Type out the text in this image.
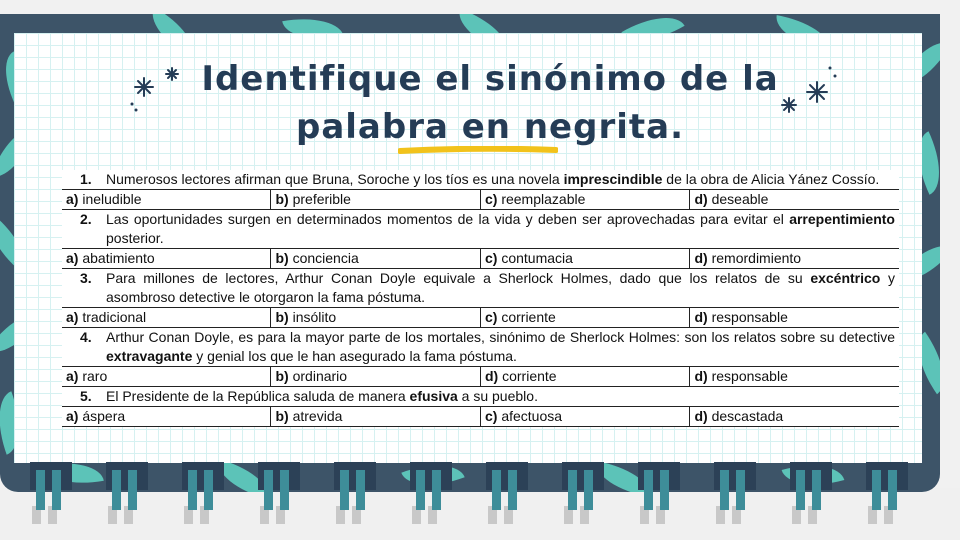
Identifique el sinónimo de la
palabra en negrita.
1. Numerosos lectores afirman que Bruna, Soroche y los tíos es una novela imprescindible de la obra de Alicia Yánez Cossío.			

a) ineludible	b) preferible	c) reemplazable	d) deseable

2. Las oportunidades surgen en determinados momentos de la vida y deben ser aprovechadas para evitar el arrepentimiento posterior.			

a) abatimiento	b) conciencia	c) contumacia	d) remordimiento

3. Para millones de lectores, Arthur Conan Doyle equivale a Sherlock Holmes, dado que los relatos de su excéntrico y asombroso detective le otorgaron la fama póstuma.			

a) tradicional	b) insólito	c) corriente	d) responsable

4. Arthur Conan Doyle, es para la mayor parte de los mortales, sinónimo de Sherlock Holmes: son los relatos sobre su detective extravagante y genial los que le han asegurado la fama póstuma.			

a) raro	b) ordinario	d) corriente	d) responsable

5. El Presidente de la República saluda de manera efusiva a su pueblo.			

a) áspera	b) atrevida	c) afectuosa	d) descastada
